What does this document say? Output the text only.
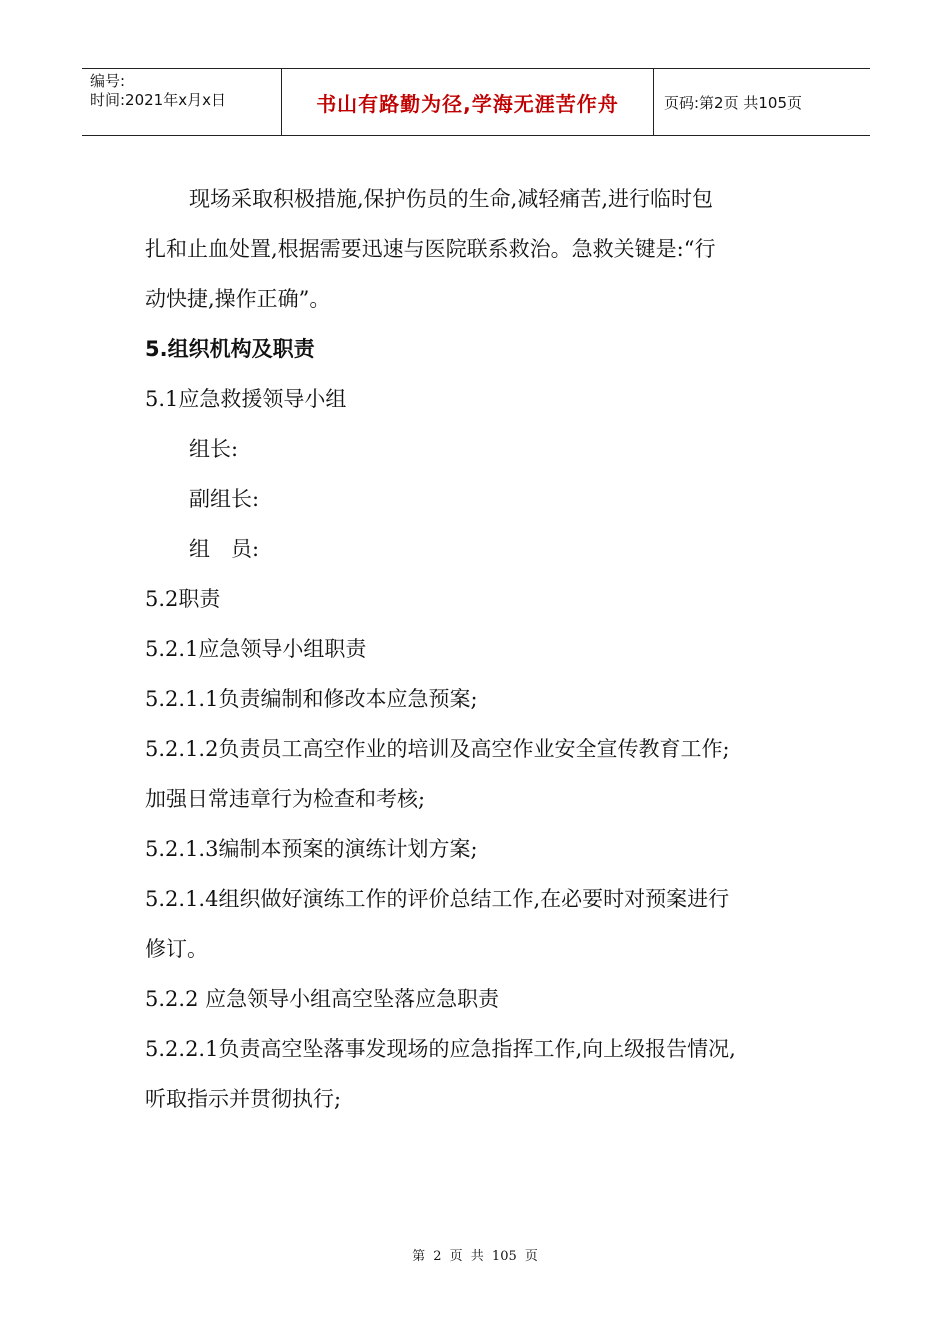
编号:
时间:2021年x月x日	书山有路勤为径,学海无涯苦作舟	页码:第2页 共105页
现场采取积极措施,保护伤员的生命,减轻痛苦,进行临时包
扎和止血处置,根据需要迅速与医院联系救治。急救关键是:“行
动快捷,操作正确”。
5.组织机构及职责
5.1应急救援领导小组
组长:
副组长:
组　员:
5.2职责
5.2.1应急领导小组职责
5.2.1.1负责编制和修改本应急预案;
5.2.1.2负责员工高空作业的培训及高空作业安全宣传教育工作;
加强日常违章行为检查和考核;
5.2.1.3编制本预案的演练计划方案;
5.2.1.4组织做好演练工作的评价总结工作,在必要时对预案进行
修订。
5.2.2 应急领导小组高空坠落应急职责
5.2.2.1负责高空坠落事发现场的应急指挥工作,向上级报告情况,
听取指示并贯彻执行;
第 2 页 共 105 页
